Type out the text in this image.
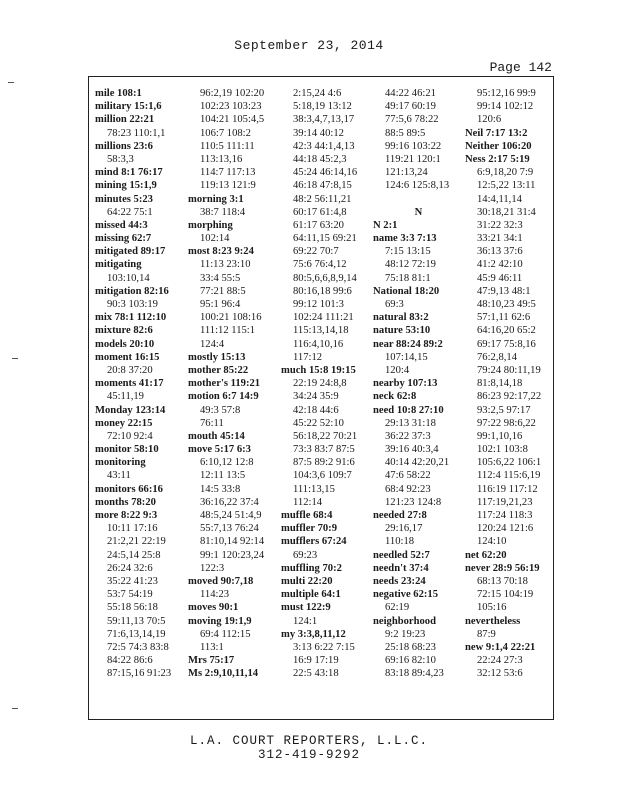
September 23, 2014
Page 142
mile 108:1
military 15:1,6
million 22:21
78:23 110:1,1
millions 23:6
58:3,3
mind 8:1 76:17
mining 15:1,9
minutes 5:23
64:22 75:1
missed 44:3
missing 62:7
mitigated 89:17
mitigating
103:10,14
mitigation 82:16
90:3 103:19
mix 78:1 112:10
mixture 82:6
models 20:10
moment 16:15
20:8 37:20
moments 41:17
45:11,19
Monday 123:14
money 22:15
72:10 92:4
monitor 58:10
monitoring
43:11
monitors 66:16
months 78:20
more 8:22 9:3
10:11 17:16
21:2,21 22:19
24:5,14 25:8
26:24 32:6
35:22 41:23
53:7 54:19
55:18 56:18
59:11,13 70:5
71:6,13,14,19
72:5 74:3 83:8
84:22 86:6
87:15,16 91:23
96:2,19 102:20
102:23 103:23
104:21 105:4,5
106:7 108:2
110:5 111:11
113:13,16
114:7 117:13
119:13 121:9
morning 3:1
38:7 118:4
morphing
102:14
most 8:23 9:24
11:13 23:10
33:4 55:5
77:21 88:5
95:1 96:4
100:21 108:16
111:12 115:1
124:4
mostly 15:13
mother 85:22
mother's 119:21
motion 6:7 14:9
49:3 57:8
76:11
mouth 45:14
move 5:17 6:3
6:10,12 12:8
12:11 13:5
14:5 33:8
36:16,22 37:4
48:5,24 51:4,9
55:7,13 76:24
81:10,14 92:14
99:1 120:23,24
122:3
moved 90:7,18
114:23
moves 90:1
moving 19:1,9
69:4 112:15
113:1
Mrs 75:17
Ms 2:9,10,11,14
2:15,24 4:6
5:18,19 13:12
38:3,4,7,13,17
39:14 40:12
42:3 44:1,4,13
44:18 45:2,3
45:24 46:14,16
46:18 47:8,15
48:2 56:11,21
60:17 61:4,8
61:17 63:20
64:11,15 69:21
69:22 70:7
75:6 76:4,12
80:5,6,6,8,9,14
80:16,18 99:6
99:12 101:3
102:24 111:21
115:13,14,18
116:4,10,16
117:12
much 15:8 19:15
22:19 24:8,8
34:24 35:9
42:18 44:6
45:22 52:10
56:18,22 70:21
73:3 83:7 87:5
87:5 89:2 91:6
104:3,6 109:7
111:13,15
112:14
muffle 68:4
muffler 70:9
mufflers 67:24
69:23
muffling 70:2
multi 22:20
multiple 64:1
must 122:9
124:1
my 3:3,8,11,12
3:13 6:22 7:15
16:9 17:19
22:5 43:18
44:22 46:21
49:17 60:19
77:5,6 78:22
88:5 89:5
99:16 103:22
119:21 120:1
121:13,24
124:6 125:8,13
N
N 2:1
name 3:3 7:13
7:15 13:15
48:12 72:19
75:18 81:1
National 18:20
69:3
natural 83:2
nature 53:10
near 88:24 89:2
107:14,15
120:4
nearby 107:13
neck 62:8
need 10:8 27:10
29:13 31:18
36:22 37:3
39:16 40:3,4
40:14 42:20,21
47:6 58:22
68:4 92:23
121:23 124:8
needed 27:8
29:16,17
110:18
needled 52:7
needn't 37:4
needs 23:24
negative 62:15
62:19
neighborhood
9:2 19:23
25:18 68:23
69:16 82:10
83:18 89:4,23
95:12,16 99:9
99:14 102:12
120:6
Neil 7:17 13:2
Neither 106:20
Ness 2:17 5:19
6:9,18,20 7:9
12:5,22 13:11
14:4,11,14
30:18,21 31:4
31:22 32:3
33:21 34:1
36:13 37:6
41:2 42:10
45:9 46:11
47:9,13 48:1
48:10,23 49:5
57:1,11 62:6
64:16,20 65:2
69:17 75:8,16
76:2,8,14
79:24 80:11,19
81:8,14,18
86:23 92:17,22
93:2,5 97:17
97:22 98:6,22
99:1,10,16
102:1 103:8
105:6,22 106:1
112:4 115:6,19
116:19 117:12
117:19,21,23
117:24 118:3
120:24 121:6
124:10
net 62:20
never 28:9 56:19
68:13 70:18
72:15 104:19
105:16
nevertheless
87:9
new 9:1,4 22:21
22:24 27:3
32:12 53:6
L.A. COURT REPORTERS, L.L.C.
312-419-9292
